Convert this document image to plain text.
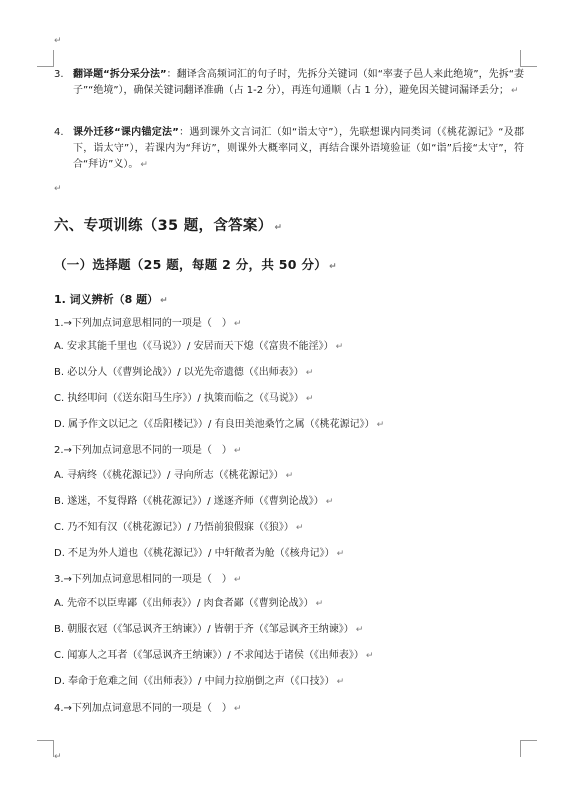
↵
3. 翻译题“拆分采分法”：翻译含高频词汇的句子时，先拆分关键词（如“率妻子邑人来此绝境”，先拆“妻子”“绝境”），确保关键词翻译准确（占 1-2 分），再连句通顺（占 1 分），避免因关键词漏译丢分； ↵
4. 课外迁移“课内锚定法”：遇到课外文言词汇（如“诣太守”），先联想课内同类词（《桃花源记》“及郡下，诣太守”），若课内为“拜访”，则课外大概率同义，再结合课外语境验证（如“诣”后接“太守”，符合“拜访”义）。 ↵
↵
六、专项训练（35 题，含答案） ↵
（一）选择题（25 题，每题 2 分，共 50 分） ↵
1. 词义辨析（8 题） ↵
1.→下列加点词意思相同的一项是（　） ↵
A. 安求其能千里也（《马说》）/ 安居而天下熄（《富贵不能淫》） ↵
B. 必以分人（《曹刿论战》）/ 以光先帝遗德（《出师表》） ↵
C. 执经叩问（《送东阳马生序》）/ 执策而临之（《马说》） ↵
D. 属予作文以记之（《岳阳楼记》）/ 有良田美池桑竹之属（《桃花源记》） ↵
2.→下列加点词意思不同的一项是（　） ↵
A. 寻病终（《桃花源记》）/ 寻向所志（《桃花源记》） ↵
B. 遂迷，不复得路（《桃花源记》）/ 遂逐齐师（《曹刿论战》） ↵
C. 乃不知有汉（《桃花源记》）/ 乃悟前狼假寐（《狼》） ↵
D. 不足为外人道也（《桃花源记》）/ 中轩敞者为舱（《核舟记》） ↵
3.→下列加点词意思相同的一项是（　） ↵
A. 先帝不以臣卑鄙（《出师表》）/ 肉食者鄙（《曹刿论战》） ↵
B. 朝服衣冠（《邹忌讽齐王纳谏》）/ 皆朝于齐（《邹忌讽齐王纳谏》） ↵
C. 闻寡人之耳者（《邹忌讽齐王纳谏》）/ 不求闻达于诸侯（《出师表》） ↵
D. 奉命于危难之间（《出师表》）/ 中间力拉崩倒之声（《口技》） ↵
4.→下列加点词意思不同的一项是（　） ↵
↵
